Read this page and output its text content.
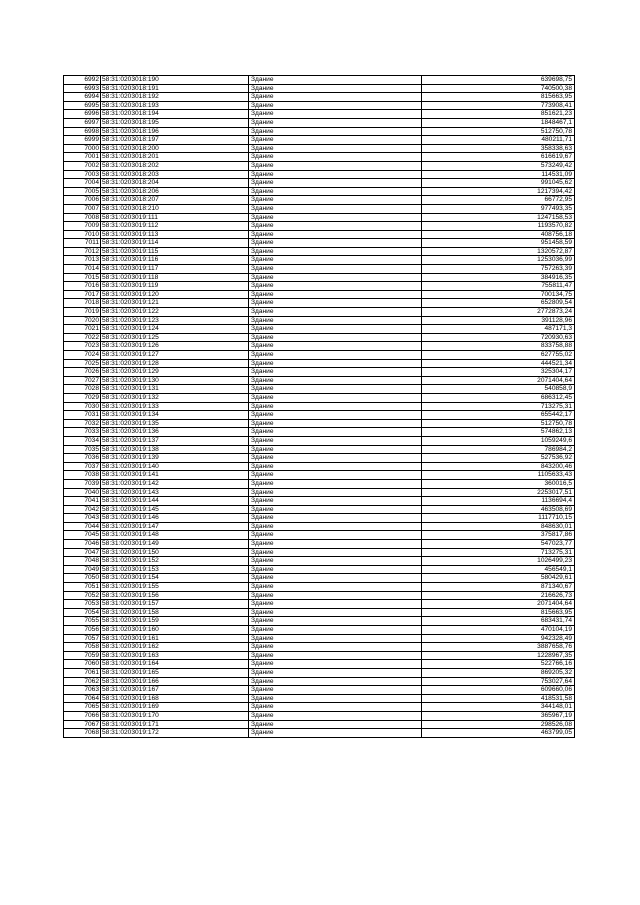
6992	58:31:0203018:190	Здание	639698,75
6993	58:31:0203018:191	Здание	740500,38
6994	58:31:0203018:192	Здание	815663,95
6995	58:31:0203018:193	Здание	773908,41
6996	58:31:0203018:194	Здание	851621,23
6997	58:31:0203018:195	Здание	1848467,1
6998	58:31:0203018:196	Здание	512750,78
6999	58:31:0203018:197	Здание	480211,71
7000	58:31:0203018:200	Здание	358338,63
7001	58:31:0203018:201	Здание	616619,67
7002	58:31:0203018:202	Здание	573249,42
7003	58:31:0203018:203	Здание	114531,09
7004	58:31:0203018:204	Здание	991045,62
7005	58:31:0203018:206	Здание	1217394,42
7006	58:31:0203018:207	Здание	66772,95
7007	58:31:0203018:210	Здание	977493,35
7008	58:31:0203019:111	Здание	1247158,53
7009	58:31:0203019:112	Здание	1193570,82
7010	58:31:0203019:113	Здание	408756,18
7011	58:31:0203019:114	Здание	951458,59
7012	58:31:0203019:115	Здание	1320572,87
7013	58:31:0203019:116	Здание	1253036,99
7014	58:31:0203019:117	Здание	757263,39
7015	58:31:0203019:118	Здание	384916,35
7016	58:31:0203019:119	Здание	755811,47
7017	58:31:0203019:120	Здание	700134,75
7018	58:31:0203019:121	Здание	652809,54
7019	58:31:0203019:122	Здание	2772873,24
7020	58:31:0203019:123	Здание	391128,96
7021	58:31:0203019:124	Здание	487171,3
7022	58:31:0203019:125	Здание	720930,63
7023	58:31:0203019:126	Здание	833758,88
7024	58:31:0203019:127	Здание	627755,02
7025	58:31:0203019:128	Здание	444521,34
7026	58:31:0203019:129	Здание	325304,17
7027	58:31:0203019:130	Здание	2071404,64
7028	58:31:0203019:131	Здание	540858,9
7029	58:31:0203019:132	Здание	686312,45
7030	58:31:0203019:133	Здание	713275,31
7031	58:31:0203019:134	Здание	655442,17
7032	58:31:0203019:135	Здание	512750,78
7033	58:31:0203019:136	Здание	574862,13
7034	58:31:0203019:137	Здание	1059249,6
7035	58:31:0203019:138	Здание	786984,2
7036	58:31:0203019:139	Здание	527536,92
7037	58:31:0203019:140	Здание	843200,46
7038	58:31:0203019:141	Здание	1105633,43
7039	58:31:0203019:142	Здание	360016,5
7040	58:31:0203019:143	Здание	2253017,51
7041	58:31:0203019:144	Здание	1136694,4
7042	58:31:0203019:145	Здание	463508,69
7043	58:31:0203019:146	Здание	1117710,15
7044	58:31:0203019:147	Здание	848630,01
7045	58:31:0203019:148	Здание	375817,86
7046	58:31:0203019:149	Здание	547023,77
7047	58:31:0203019:150	Здание	713275,31
7048	58:31:0203019:152	Здание	1026499,23
7049	58:31:0203019:153	Здание	456549,1
7050	58:31:0203019:154	Здание	580429,61
7051	58:31:0203019:155	Здание	871340,67
7052	58:31:0203019:156	Здание	216626,73
7053	58:31:0203019:157	Здание	2071404,64
7054	58:31:0203019:158	Здание	815663,95
7055	58:31:0203019:159	Здание	683431,74
7056	58:31:0203019:160	Здание	470104,19
7057	58:31:0203019:161	Здание	942328,49
7058	58:31:0203019:162	Здание	3887658,76
7059	58:31:0203019:163	Здание	1228967,35
7060	58:31:0203019:164	Здание	522766,16
7061	58:31:0203019:165	Здание	869205,32
7062	58:31:0203019:166	Здание	753027,64
7063	58:31:0203019:167	Здание	609660,06
7064	58:31:0203019:168	Здание	418531,58
7065	58:31:0203019:169	Здание	344148,01
7066	58:31:0203019:170	Здание	365967,19
7067	58:31:0203019:171	Здание	298526,08
7068	58:31:0203019:172	Здание	463799,05
